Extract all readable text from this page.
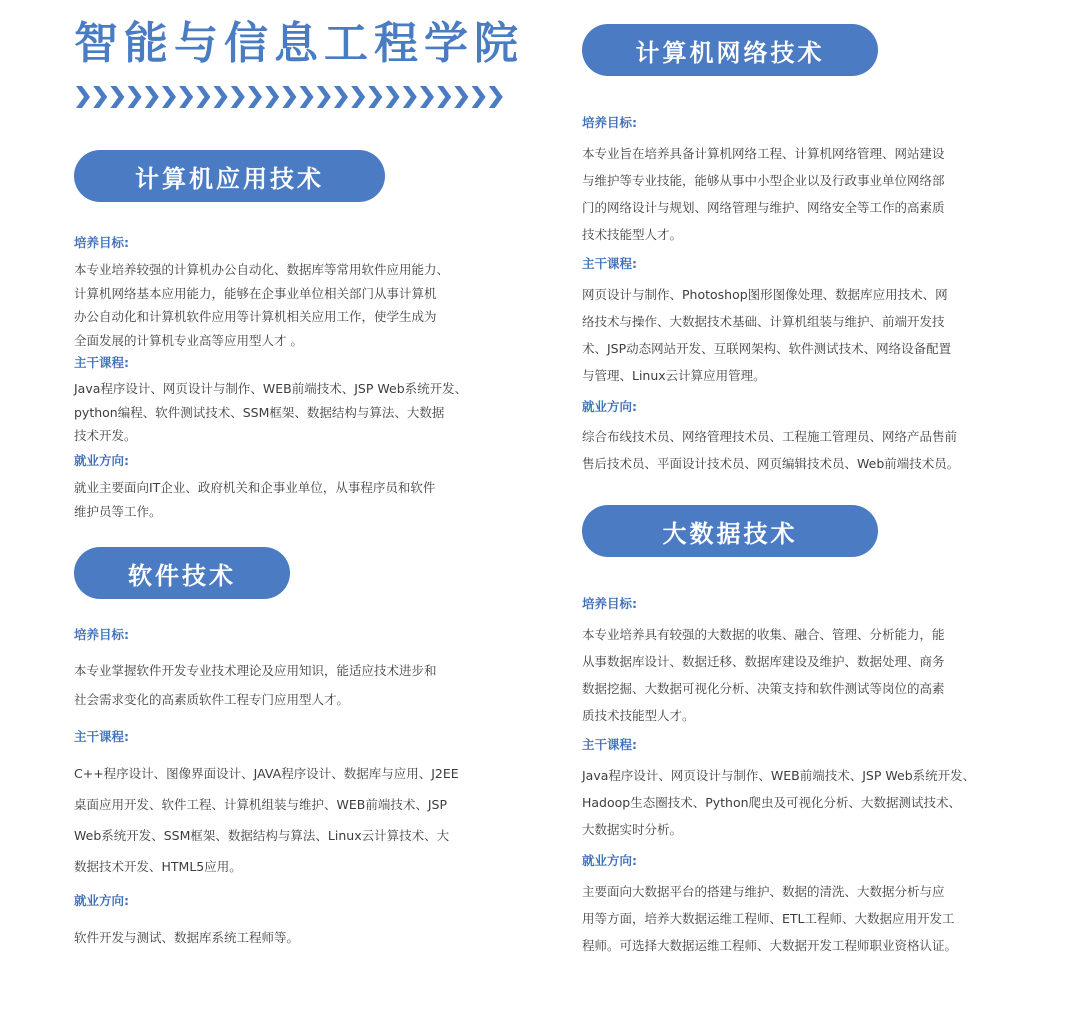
智能与信息工程学院
计算机应用技术

培养目标:

本专业培养较强的计算机办公自动化、数据库等常用软件应用能力、
计算机网络基本应用能力，能够在企事业单位相关部门从事计算机
办公自动化和计算机软件应用等计算机相关应用工作，使学生成为
全面发展的计算机专业高等应用型人才 。

主干课程:

Java程序设计、网页设计与制作、WEB前端技术、JSP Web系统开发、
python编程、软件测试技术、SSM框架、数据结构与算法、大数据
技术开发。

就业方向:

就业主要面向IT企业、政府机关和企事业单位，从事程序员和软件
维护员等工作。

软件技术

培养目标:

本专业掌握软件开发专业技术理论及应用知识，能适应技术进步和
社会需求变化的高素质软件工程专门应用型人才。

主干课程:

C++程序设计、图像界面设计、JAVA程序设计、数据库与应用、J2EE
桌面应用开发、软件工程、计算机组装与维护、WEB前端技术、JSP
Web系统开发、SSM框架、数据结构与算法、Linux云计算技术、大
数据技术开发、HTML5应用。

就业方向:

软件开发与测试、数据库系统工程师等。

计算机网络技术

培养目标:

本专业旨在培养具备计算机网络工程、计算机网络管理、网站建设
与维护等专业技能，能够从事中小型企业以及行政事业单位网络部
门的网络设计与规划、网络管理与维护、网络安全等工作的高素质
技术技能型人才。

主干课程:

网页设计与制作、Photoshop图形图像处理、数据库应用技术、网
络技术与操作、大数据技术基础、计算机组装与维护、前端开发技
术、JSP动态网站开发、互联网架构、软件测试技术、网络设备配置
与管理、Linux云计算应用管理。

就业方向:

综合布线技术员、网络管理技术员、工程施工管理员、网络产品售前
售后技术员、平面设计技术员、网页编辑技术员、Web前端技术员。

大数据技术

培养目标:

本专业培养具有较强的大数据的收集、融合、管理、分析能力，能
从事数据库设计、数据迁移、数据库建设及维护、数据处理、商务
数据挖掘、大数据可视化分析、决策支持和软件测试等岗位的高素
质技术技能型人才。

主干课程:

Java程序设计、网页设计与制作、WEB前端技术、JSP Web系统开发、
Hadoop生态圈技术、Python爬虫及可视化分析、大数据测试技术、
大数据实时分析。

就业方向:

主要面向大数据平台的搭建与维护、数据的清洗、大数据分析与应
用等方面，培养大数据运维工程师、ETL工程师、大数据应用开发工
程师。可选择大数据运维工程师、大数据开发工程师职业资格认证。
